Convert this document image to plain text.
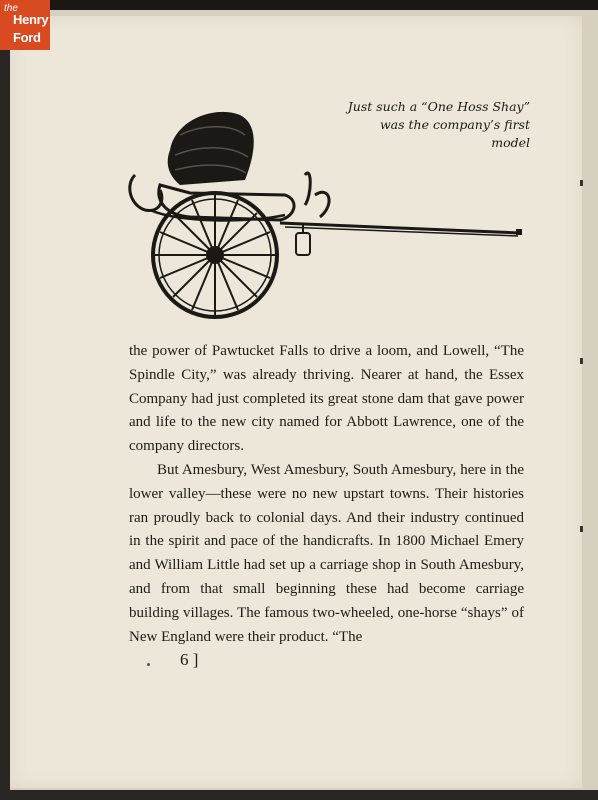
the
Henry
Ford
Just such a “One Hoss Shay”
was the company’s first model

the power of Pawtucket Falls to drive a loom, and Lowell, “The Spindle City,” was already thriving. Nearer at hand, the Essex Company had just completed its great stone dam that gave power and life to the new city named for Abbott Lawrence, one of the company directors.

But Amesbury, West Amesbury, South Amesbury, here in the lower valley—these were no new upstart towns. Their histories ran proudly back to colonial days. And their industry continued in the spirit and pace of the handicrafts. In 1800 Michael Emery and William Little had set up a carriage shop in South Amesbury, and from that small beginning these had become carriage building villages. The famous two-wheeled, one-horse “shays” of New England were their product. “The

6 ]
